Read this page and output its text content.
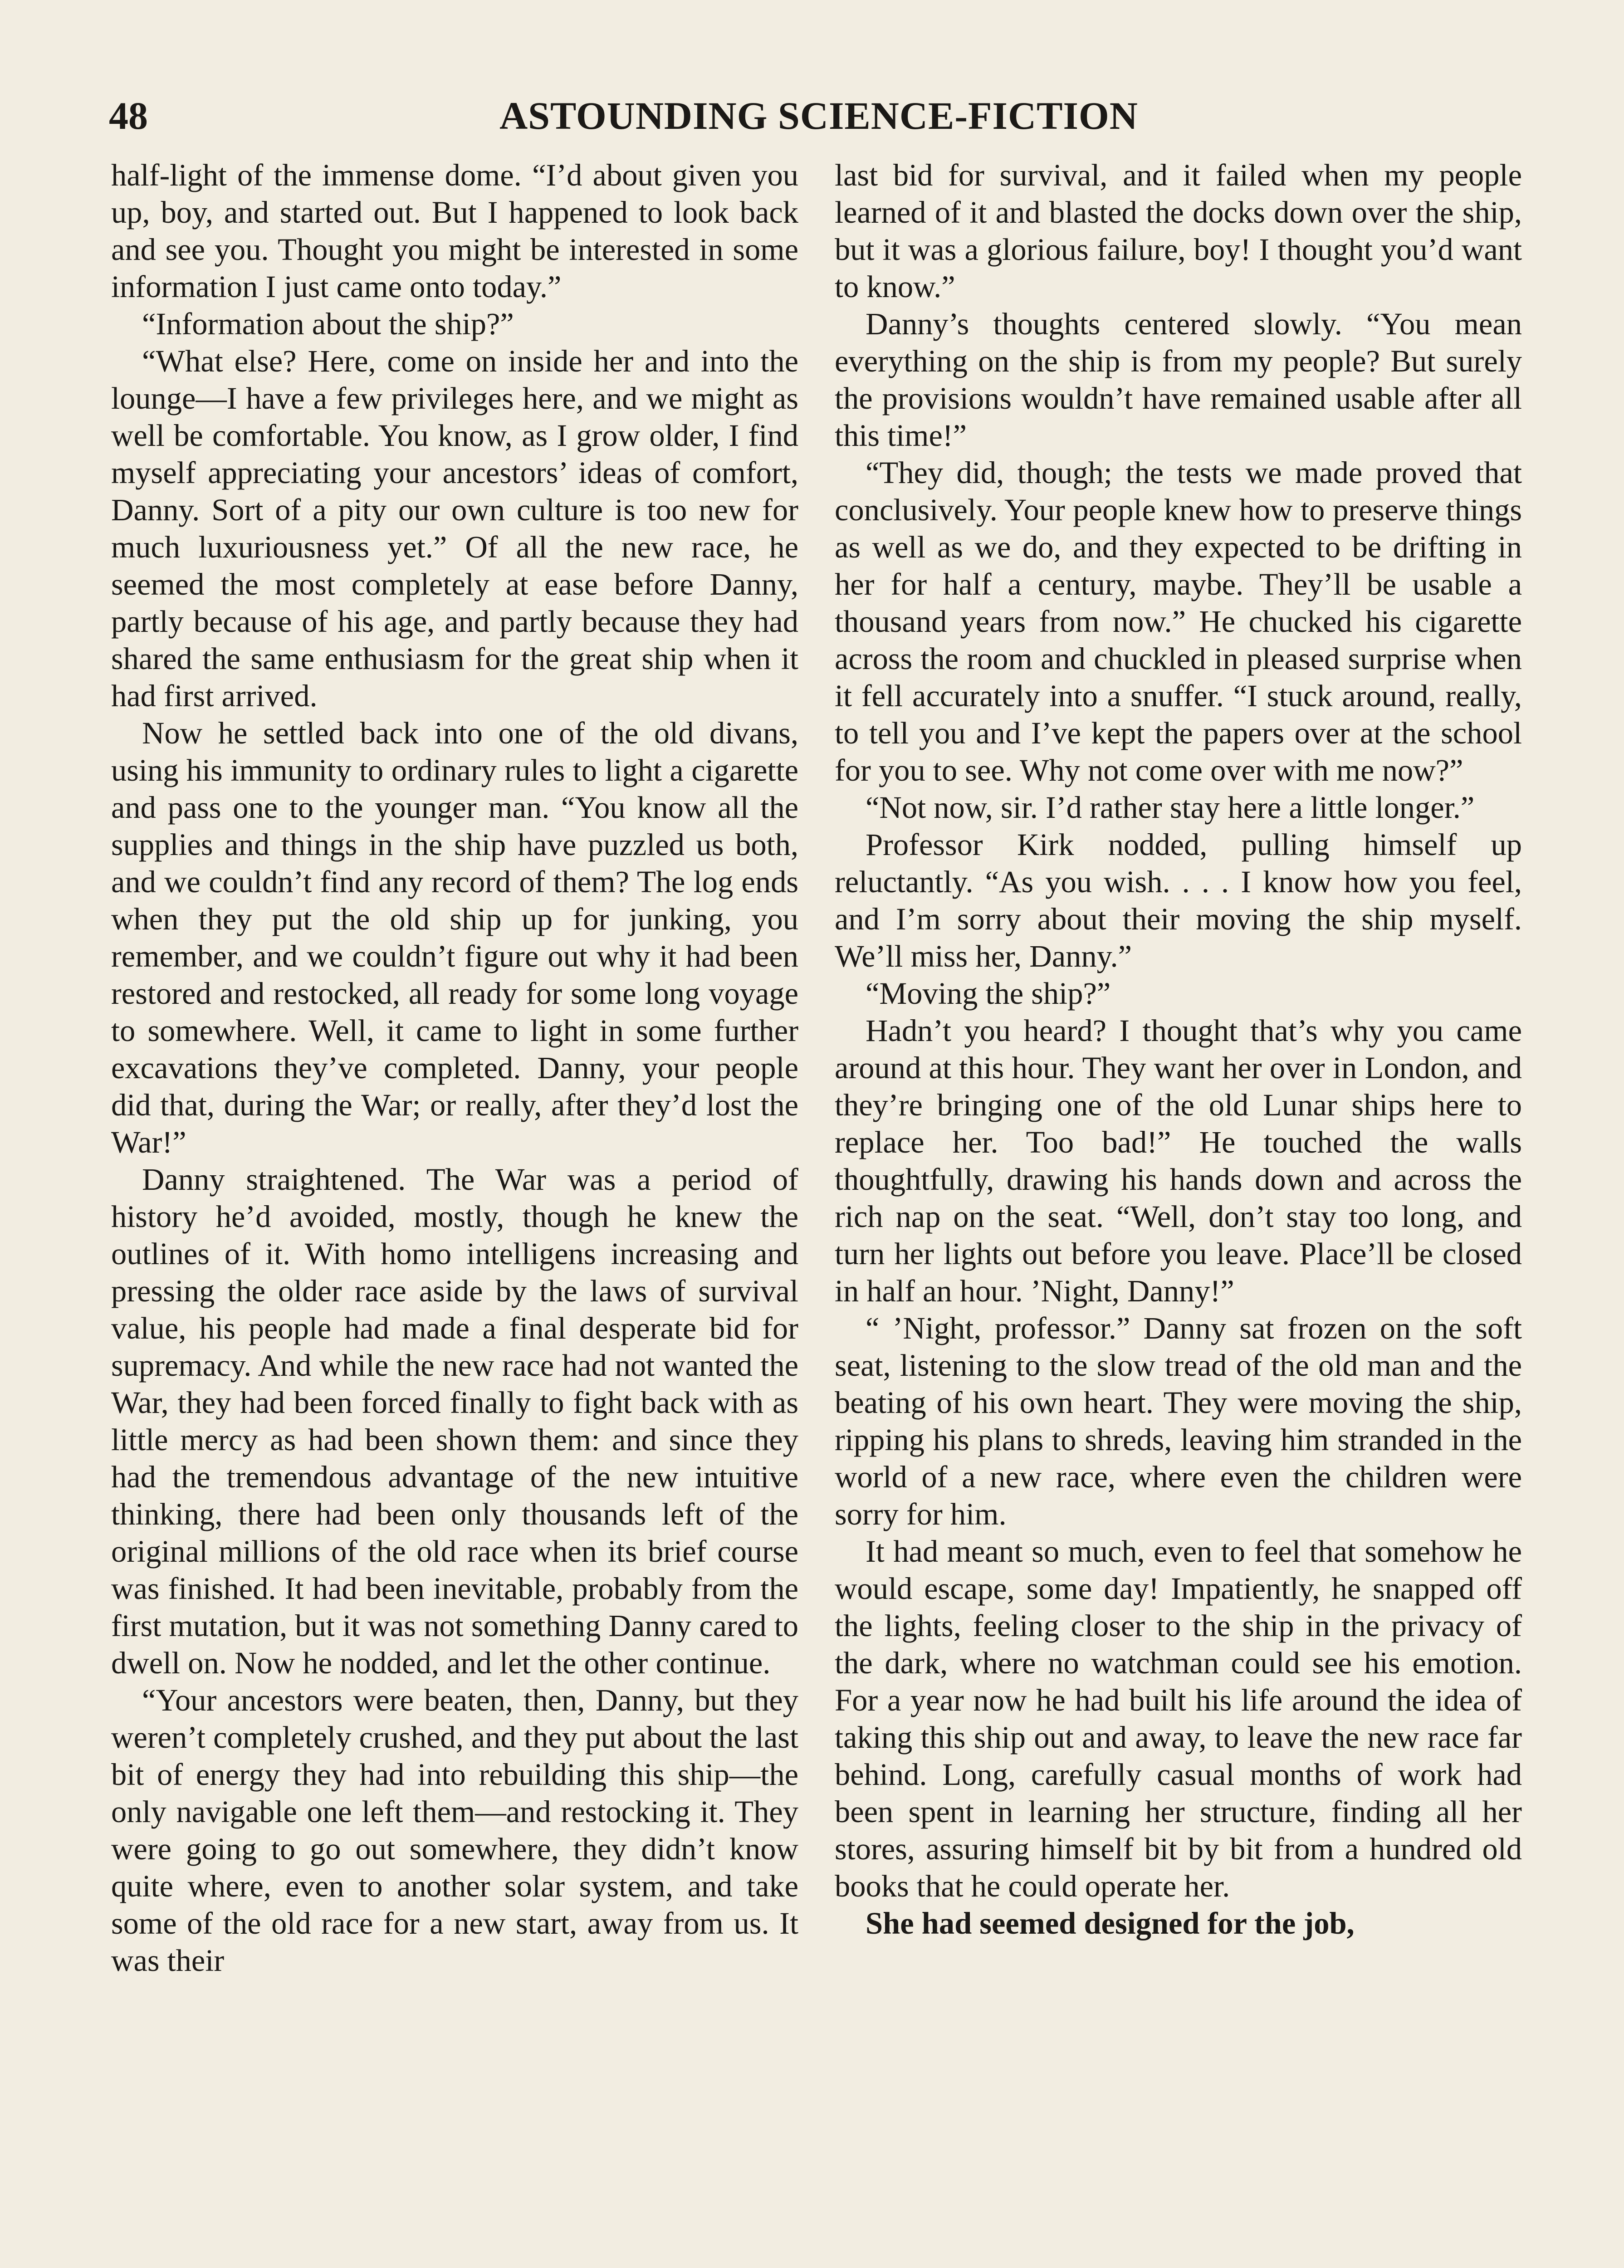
48	ASTOUNDING SCIENCE-FICTION

half-light of the immense dome. “I’d about given you up, boy, and started out. But I happened to look back and see you. Thought you might be interested in some information I just came onto today.”

“Information about the ship?”

“What else? Here, come on inside her and into the lounge—I have a few privileges here, and we might as well be comfortable. You know, as I grow older, I find myself appreciating your ancestors’ ideas of comfort, Danny. Sort of a pity our own culture is too new for much luxuriousness yet.” Of all the new race, he seemed the most completely at ease before Danny, partly because of his age, and partly because they had shared the same enthusiasm for the great ship when it had first arrived.

Now he settled back into one of the old divans, using his immunity to ordinary rules to light a cigarette and pass one to the younger man. “You know all the supplies and things in the ship have puzzled us both, and we couldn’t find any record of them? The log ends when they put the old ship up for junking, you remember, and we couldn’t figure out why it had been restored and restocked, all ready for some long voyage to somewhere. Well, it came to light in some further excavations they’ve completed. Danny, your people did that, during the War; or really, after they’d lost the War!”

Danny straightened. The War was a period of history he’d avoided, mostly, though he knew the outlines of it. With homo intelligens increasing and pressing the older race aside by the laws of survival value, his people had made a final desperate bid for supremacy. And while the new race had not wanted the War, they had been forced finally to fight back with as little mercy as had been shown them: and since they had the tremendous advantage of the new intuitive thinking, there had been only thousands left of the original millions of the old race when its brief course was finished. It had been inevitable, probably from the first mutation, but it was not something Danny cared to dwell on. Now he nodded, and let the other continue.

“Your ancestors were beaten, then, Danny, but they weren’t completely crushed, and they put about the last bit of energy they had into rebuilding this ship—the only navigable one left them—and restocking it. They were going to go out somewhere, they didn’t know quite where, even to another solar system, and take some of the old race for a new start, away from us. It was their

last bid for survival, and it failed when my people learned of it and blasted the docks down over the ship, but it was a glorious failure, boy! I thought you’d want to know.”

Danny’s thoughts centered slowly. “You mean everything on the ship is from my people? But surely the provisions wouldn’t have remained usable after all this time!”

“They did, though; the tests we made proved that conclusively. Your people knew how to preserve things as well as we do, and they expected to be drifting in her for half a century, maybe. They’ll be usable a thousand years from now.” He chucked his cigarette across the room and chuckled in pleased surprise when it fell accurately into a snuffer. “I stuck around, really, to tell you and I’ve kept the papers over at the school for you to see. Why not come over with me now?”

“Not now, sir. I’d rather stay here a little longer.”

Professor Kirk nodded, pulling himself up reluctantly. “As you wish. . . . I know how you feel, and I’m sorry about their moving the ship myself. We’ll miss her, Danny.”

“Moving the ship?”

Hadn’t you heard? I thought that’s why you came around at this hour. They want her over in London, and they’re bringing one of the old Lunar ships here to replace her. Too bad!” He touched the walls thoughtfully, drawing his hands down and across the rich nap on the seat. “Well, don’t stay too long, and turn her lights out before you leave. Place’ll be closed in half an hour. ’Night, Danny!”

“ ’Night, professor.” Danny sat frozen on the soft seat, listening to the slow tread of the old man and the beating of his own heart. They were moving the ship, ripping his plans to shreds, leaving him stranded in the world of a new race, where even the children were sorry for him.

It had meant so much, even to feel that somehow he would escape, some day! Impatiently, he snapped off the lights, feeling closer to the ship in the privacy of the dark, where no watchman could see his emotion. For a year now he had built his life around the idea of taking this ship out and away, to leave the new race far behind. Long, carefully casual months of work had been spent in learning her structure, finding all her stores, assuring himself bit by bit from a hundred old books that he could operate her.

She had seemed designed for the job,
